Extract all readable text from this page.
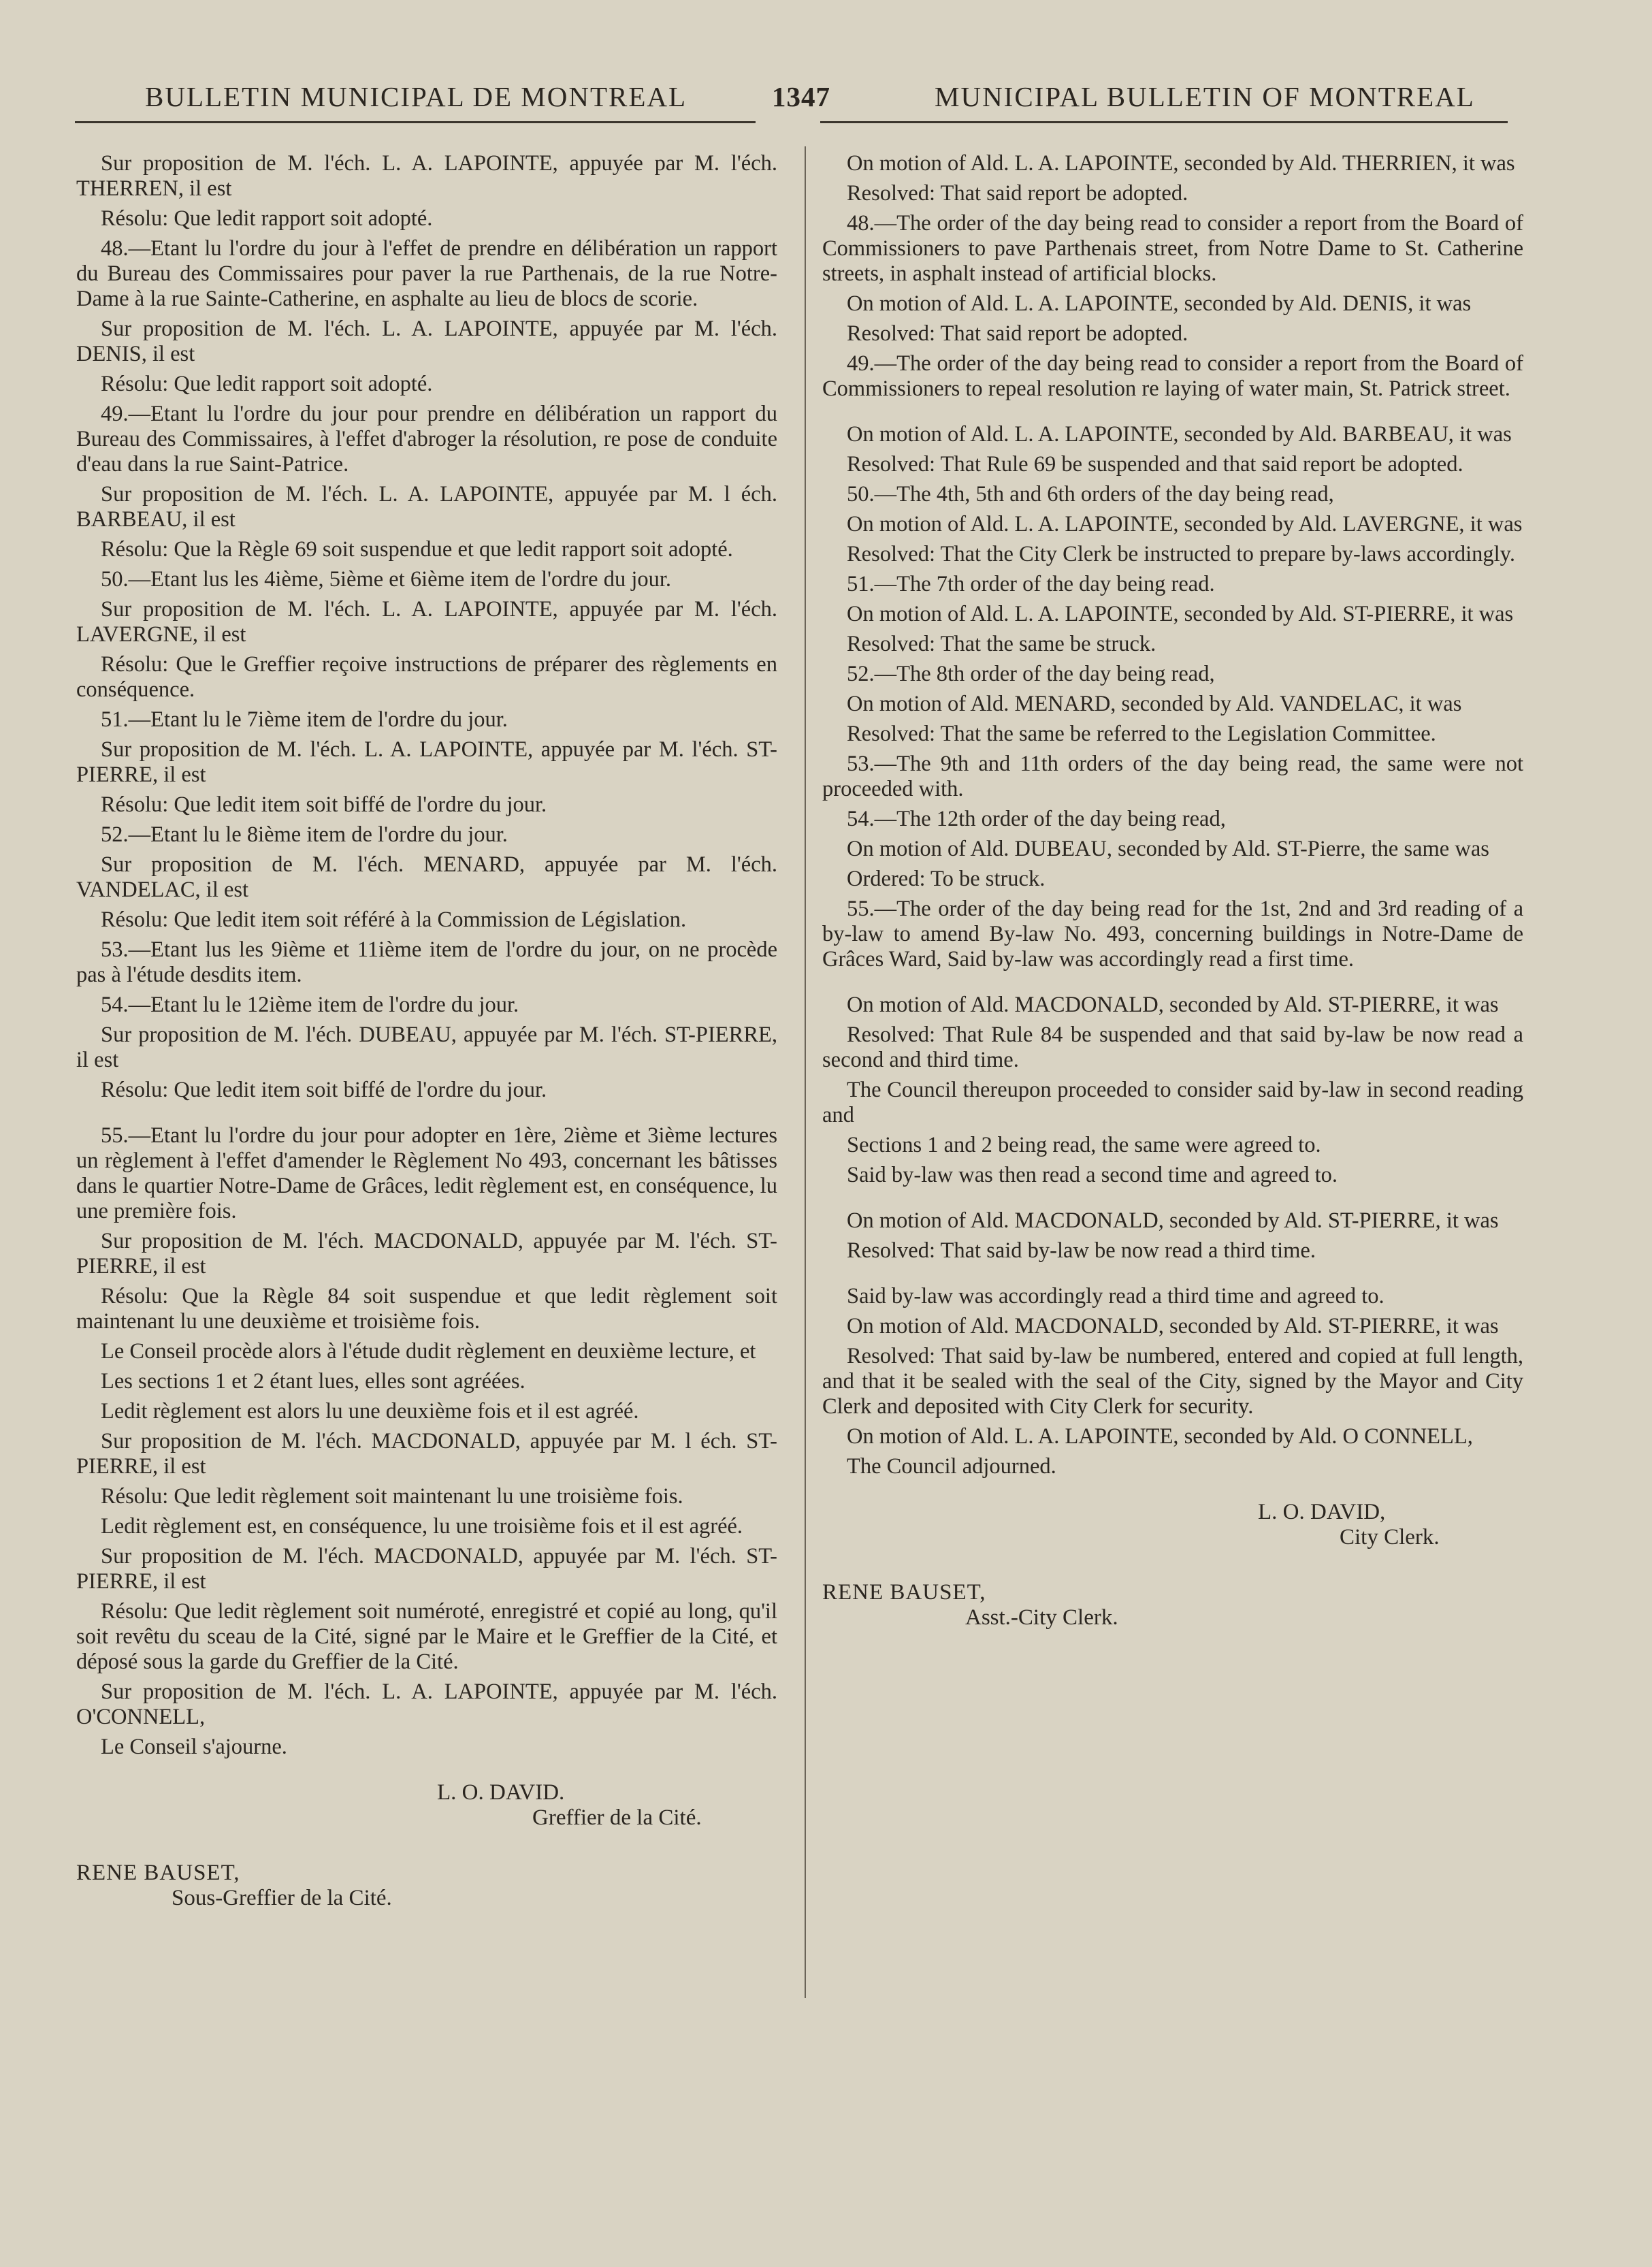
BULLETIN MUNICIPAL DE MONTREAL	1347	MUNICIPAL BULLETIN OF MONTREAL

Sur proposition de M. l'éch. L. A. LAPOINTE, appuyée par M. l'éch. THERREN, il est

Résolu: Que ledit rapport soit adopté.

48.—Etant lu l'ordre du jour à l'effet de prendre en délibération un rapport du Bureau des Commissaires pour paver la rue Parthenais, de la rue Notre-Dame à la rue Sainte-Catherine, en asphalte au lieu de blocs de scorie.

Sur proposition de M. l'éch. L. A. LAPOINTE, appuyée par M. l'éch. DENIS, il est

Résolu: Que ledit rapport soit adopté.

49.—Etant lu l'ordre du jour pour prendre en délibération un rapport du Bureau des Commissaires, à l'effet d'abroger la résolution, re pose de conduite d'eau dans la rue Saint-Patrice.

Sur proposition de M. l'éch. L. A. LAPOINTE, appuyée par M. l éch. BARBEAU, il est

Résolu: Que la Règle 69 soit suspendue et que ledit rapport soit adopté.

50.—Etant lus les 4ième, 5ième et 6ième item de l'ordre du jour.

Sur proposition de M. l'éch. L. A. LAPOINTE, appuyée par M. l'éch. LAVERGNE, il est

Résolu: Que le Greffier reçoive instructions de préparer des règlements en conséquence.

51.—Etant lu le 7ième item de l'ordre du jour.

Sur proposition de M. l'éch. L. A. LAPOINTE, appuyée par M. l'éch. ST-PIERRE, il est

Résolu: Que ledit item soit biffé de l'ordre du jour.

52.—Etant lu le 8ième item de l'ordre du jour.

Sur proposition de M. l'éch. MENARD, appuyée par M. l'éch. VANDELAC, il est

Résolu: Que ledit item soit référé à la Commission de Législation.

53.—Etant lus les 9ième et 11ième item de l'ordre du jour, on ne procède pas à l'étude desdits item.

54.—Etant lu le 12ième item de l'ordre du jour.

Sur proposition de M. l'éch. DUBEAU, appuyée par M. l'éch. ST-PIERRE, il est

Résolu: Que ledit item soit biffé de l'ordre du jour.

55.—Etant lu l'ordre du jour pour adopter en 1ère, 2ième et 3ième lectures un règlement à l'effet d'amender le Règlement No 493, concernant les bâtisses dans le quartier Notre-Dame de Grâces, ledit règlement est, en conséquence, lu une première fois.

Sur proposition de M. l'éch. MACDONALD, appuyée par M. l'éch. ST-PIERRE, il est

Résolu: Que la Règle 84 soit suspendue et que ledit règlement soit maintenant lu une deuxième et troisième fois.

Le Conseil procède alors à l'étude dudit règlement en deuxième lecture, et

Les sections 1 et 2 étant lues, elles sont agréées.

Ledit règlement est alors lu une deuxième fois et il est agréé.

Sur proposition de M. l'éch. MACDONALD, appuyée par M. l éch. ST-PIERRE, il est

Résolu: Que ledit règlement soit maintenant lu une troisième fois.

Ledit règlement est, en conséquence, lu une troisième fois et il est agréé.

Sur proposition de M. l'éch. MACDONALD, appuyée par M. l'éch. ST-PIERRE, il est

Résolu: Que ledit règlement soit numéroté, enregistré et copié au long, qu'il soit revêtu du sceau de la Cité, signé par le Maire et le Greffier de la Cité, et déposé sous la garde du Greffier de la Cité.

Sur proposition de M. l'éch. L. A. LAPOINTE, appuyée par M. l'éch. O'CONNELL,

Le Conseil s'ajourne.

L. O. DAVID.
Greffier de la Cité.
RENE BAUSET,
Sous-Greffier de la Cité.

On motion of Ald. L. A. LAPOINTE, seconded by Ald. THERRIEN, it was

Resolved: That said report be adopted.

48.—The order of the day being read to consider a report from the Board of Commissioners to pave Parthenais street, from Notre Dame to St. Catherine streets, in asphalt instead of artificial blocks.

On motion of Ald. L. A. LAPOINTE, seconded by Ald. DENIS, it was

Resolved: That said report be adopted.

49.—The order of the day being read to consider a report from the Board of Commissioners to repeal resolution re laying of water main, St. Patrick street.

On motion of Ald. L. A. LAPOINTE, seconded by Ald. BARBEAU, it was

Resolved: That Rule 69 be suspended and that said report be adopted.

50.—The 4th, 5th and 6th orders of the day being read,

On motion of Ald. L. A. LAPOINTE, seconded by Ald. LAVERGNE, it was

Resolved: That the City Clerk be instructed to prepare by-laws accordingly.

51.—The 7th order of the day being read.

On motion of Ald. L. A. LAPOINTE, seconded by Ald. ST-PIERRE, it was

Resolved: That the same be struck.

52.—The 8th order of the day being read,

On motion of Ald. MENARD, seconded by Ald. VANDELAC, it was

Resolved: That the same be referred to the Legislation Committee.

53.—The 9th and 11th orders of the day being read, the same were not proceeded with.

54.—The 12th order of the day being read,

On motion of Ald. DUBEAU, seconded by Ald. ST-Pierre, the same was

Ordered: To be struck.

55.—The order of the day being read for the 1st, 2nd and 3rd reading of a by-law to amend By-law No. 493, concerning buildings in Notre-Dame de Grâces Ward, Said by-law was accordingly read a first time.

On motion of Ald. MACDONALD, seconded by Ald. ST-PIERRE, it was

Resolved: That Rule 84 be suspended and that said by-law be now read a second and third time.

The Council thereupon proceeded to consider said by-law in second reading and

Sections 1 and 2 being read, the same were agreed to.

Said by-law was then read a second time and agreed to.

On motion of Ald. MACDONALD, seconded by Ald. ST-PIERRE, it was

Resolved: That said by-law be now read a third time.

Said by-law was accordingly read a third time and agreed to.

On motion of Ald. MACDONALD, seconded by Ald. ST-PIERRE, it was

Resolved: That said by-law be numbered, entered and copied at full length, and that it be sealed with the seal of the City, signed by the Mayor and City Clerk and deposited with City Clerk for security.

On motion of Ald. L. A. LAPOINTE, seconded by Ald. O CONNELL,

The Council adjourned.

L. O. DAVID,
City Clerk.
RENE BAUSET,
Asst.-City Clerk.
